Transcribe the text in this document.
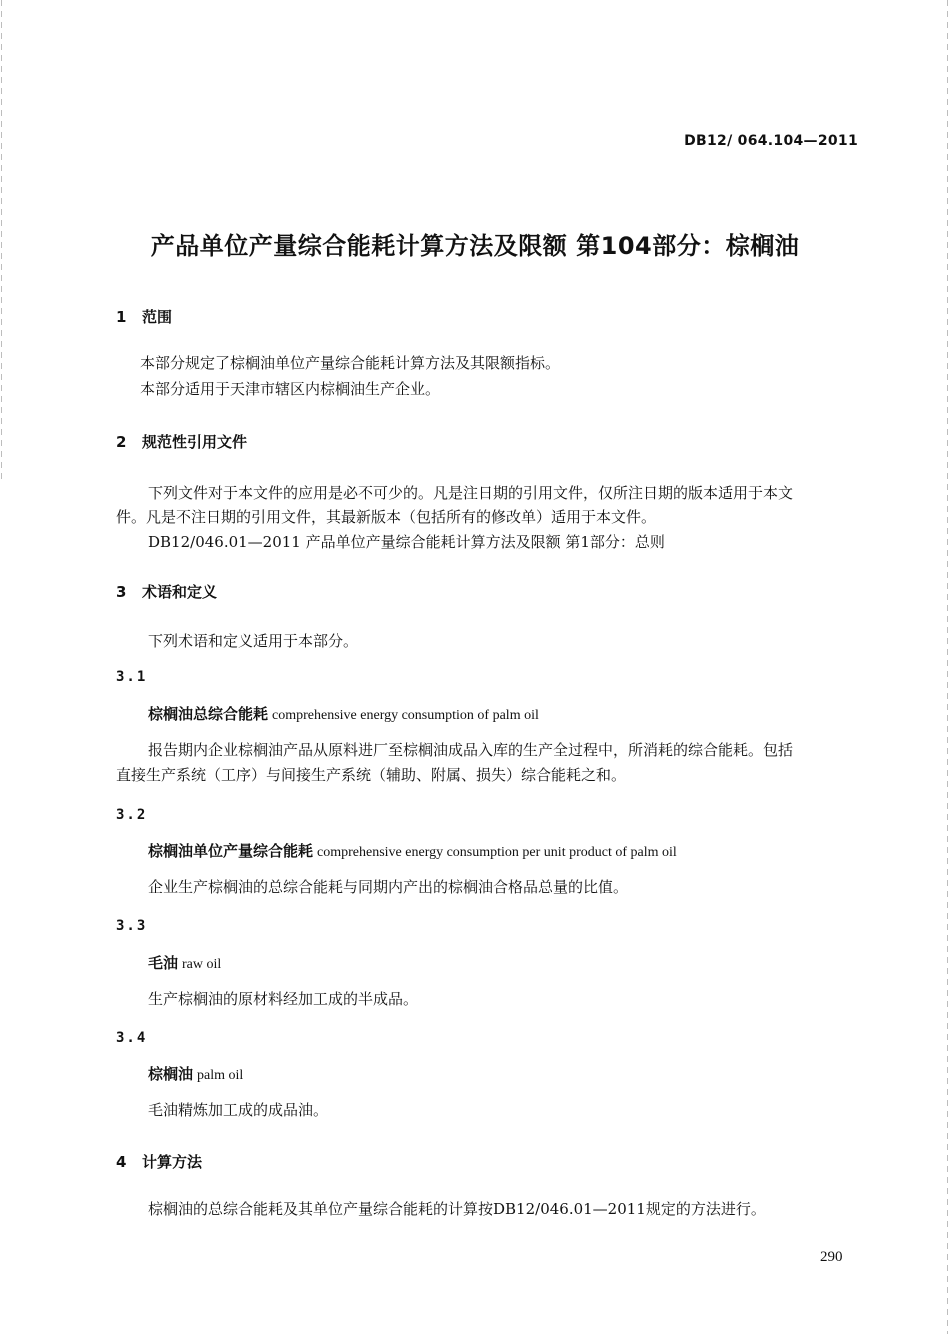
DB12/ 064.104—2011
产品单位产量综合能耗计算方法及限额 第104部分：棕榈油
1 范围
本部分规定了棕榈油单位产量综合能耗计算方法及其限额指标。
本部分适用于天津市辖区内棕榈油生产企业。
2 规范性引用文件
下列文件对于本文件的应用是必不可少的。凡是注日期的引用文件，仅所注日期的版本适用于本文
件。凡是不注日期的引用文件，其最新版本（包括所有的修改单）适用于本文件。
DB12/046.01—2011 产品单位产量综合能耗计算方法及限额 第1部分：总则
3 术语和定义
下列术语和定义适用于本部分。
3.1
棕榈油总综合能耗 comprehensive energy consumption of palm oil
报告期内企业棕榈油产品从原料进厂至棕榈油成品入库的生产全过程中，所消耗的综合能耗。包括
直接生产系统（工序）与间接生产系统（辅助、附属、损失）综合能耗之和。
3.2
棕榈油单位产量综合能耗 comprehensive energy consumption per unit product of palm oil
企业生产棕榈油的总综合能耗与同期内产出的棕榈油合格品总量的比值。
3.3
毛油 raw oil
生产棕榈油的原材料经加工成的半成品。
3.4
棕榈油 palm oil
毛油精炼加工成的成品油。
4 计算方法
棕榈油的总综合能耗及其单位产量综合能耗的计算按DB12/046.01—2011规定的方法进行。
290
